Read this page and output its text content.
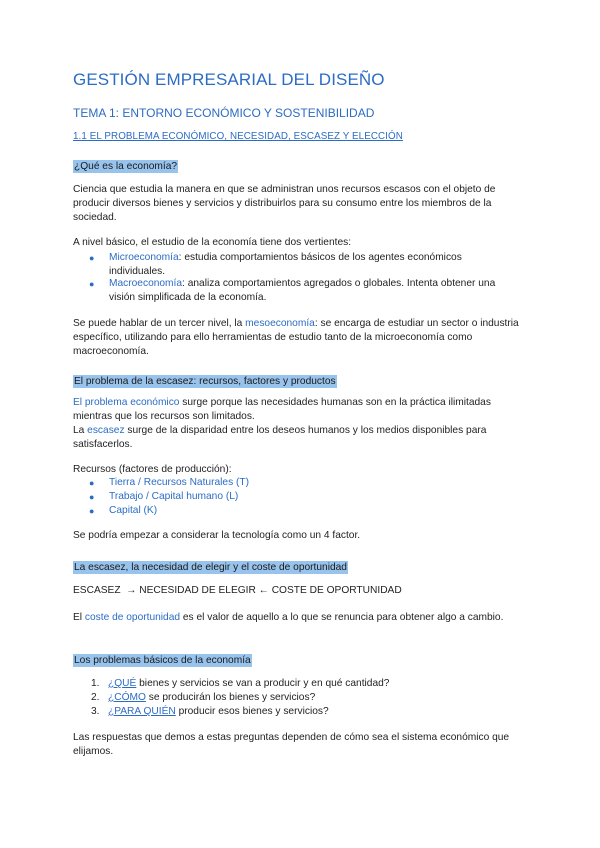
GESTIÓN EMPRESARIAL DEL DISEÑO
TEMA 1: ENTORNO ECONÓMICO Y SOSTENIBILIDAD
1.1 EL PROBLEMA ECONÓMICO, NECESIDAD, ESCASEZ Y ELECCIÓN
¿Qué es la economía?
Ciencia que estudia la manera en que se administran unos recursos escasos con el objeto de producir diversos bienes y servicios y distribuirlos para su consumo entre los miembros de la sociedad.
A nivel básico, el estudio de la economía tiene dos vertientes:
● Microeconomía: estudia comportamientos básicos de los agentes económicos individuales.
● Macroeconomía: analiza comportamientos agregados o globales. Intenta obtener una visión simplificada de la economía.
Se puede hablar de un tercer nivel, la mesoeconomía: se encarga de estudiar un sector o industria específico, utilizando para ello herramientas de estudio tanto de la microeconomía como macroeconomía.
El problema de la escasez: recursos, factores y productos
El problema económico surge porque las necesidades humanas son en la práctica ilimitadas mientras que los recursos son limitados.
La escasez surge de la disparidad entre los deseos humanos y los medios disponibles para satisfacerlos.
Recursos (factores de producción):
● Tierra / Recursos Naturales (T)
● Trabajo / Capital humano (L)
● Capital (K)
Se podría empezar a considerar la tecnología como un 4 factor.
La escasez, la necesidad de elegir y el coste de oportunidad
ESCASEZ  → NECESIDAD DE ELEGIR ← COSTE DE OPORTUNIDAD
El coste de oportunidad es el valor de aquello a lo que se renuncia para obtener algo a cambio.
Los problemas básicos de la economía
1. ¿QUÉ bienes y servicios se van a producir y en qué cantidad?
2. ¿CÓMO se producirán los bienes y servicios?
3. ¿PARA QUIÉN producir esos bienes y servicios?
Las respuestas que demos a estas preguntas dependen de cómo sea el sistema económico que elijamos.
